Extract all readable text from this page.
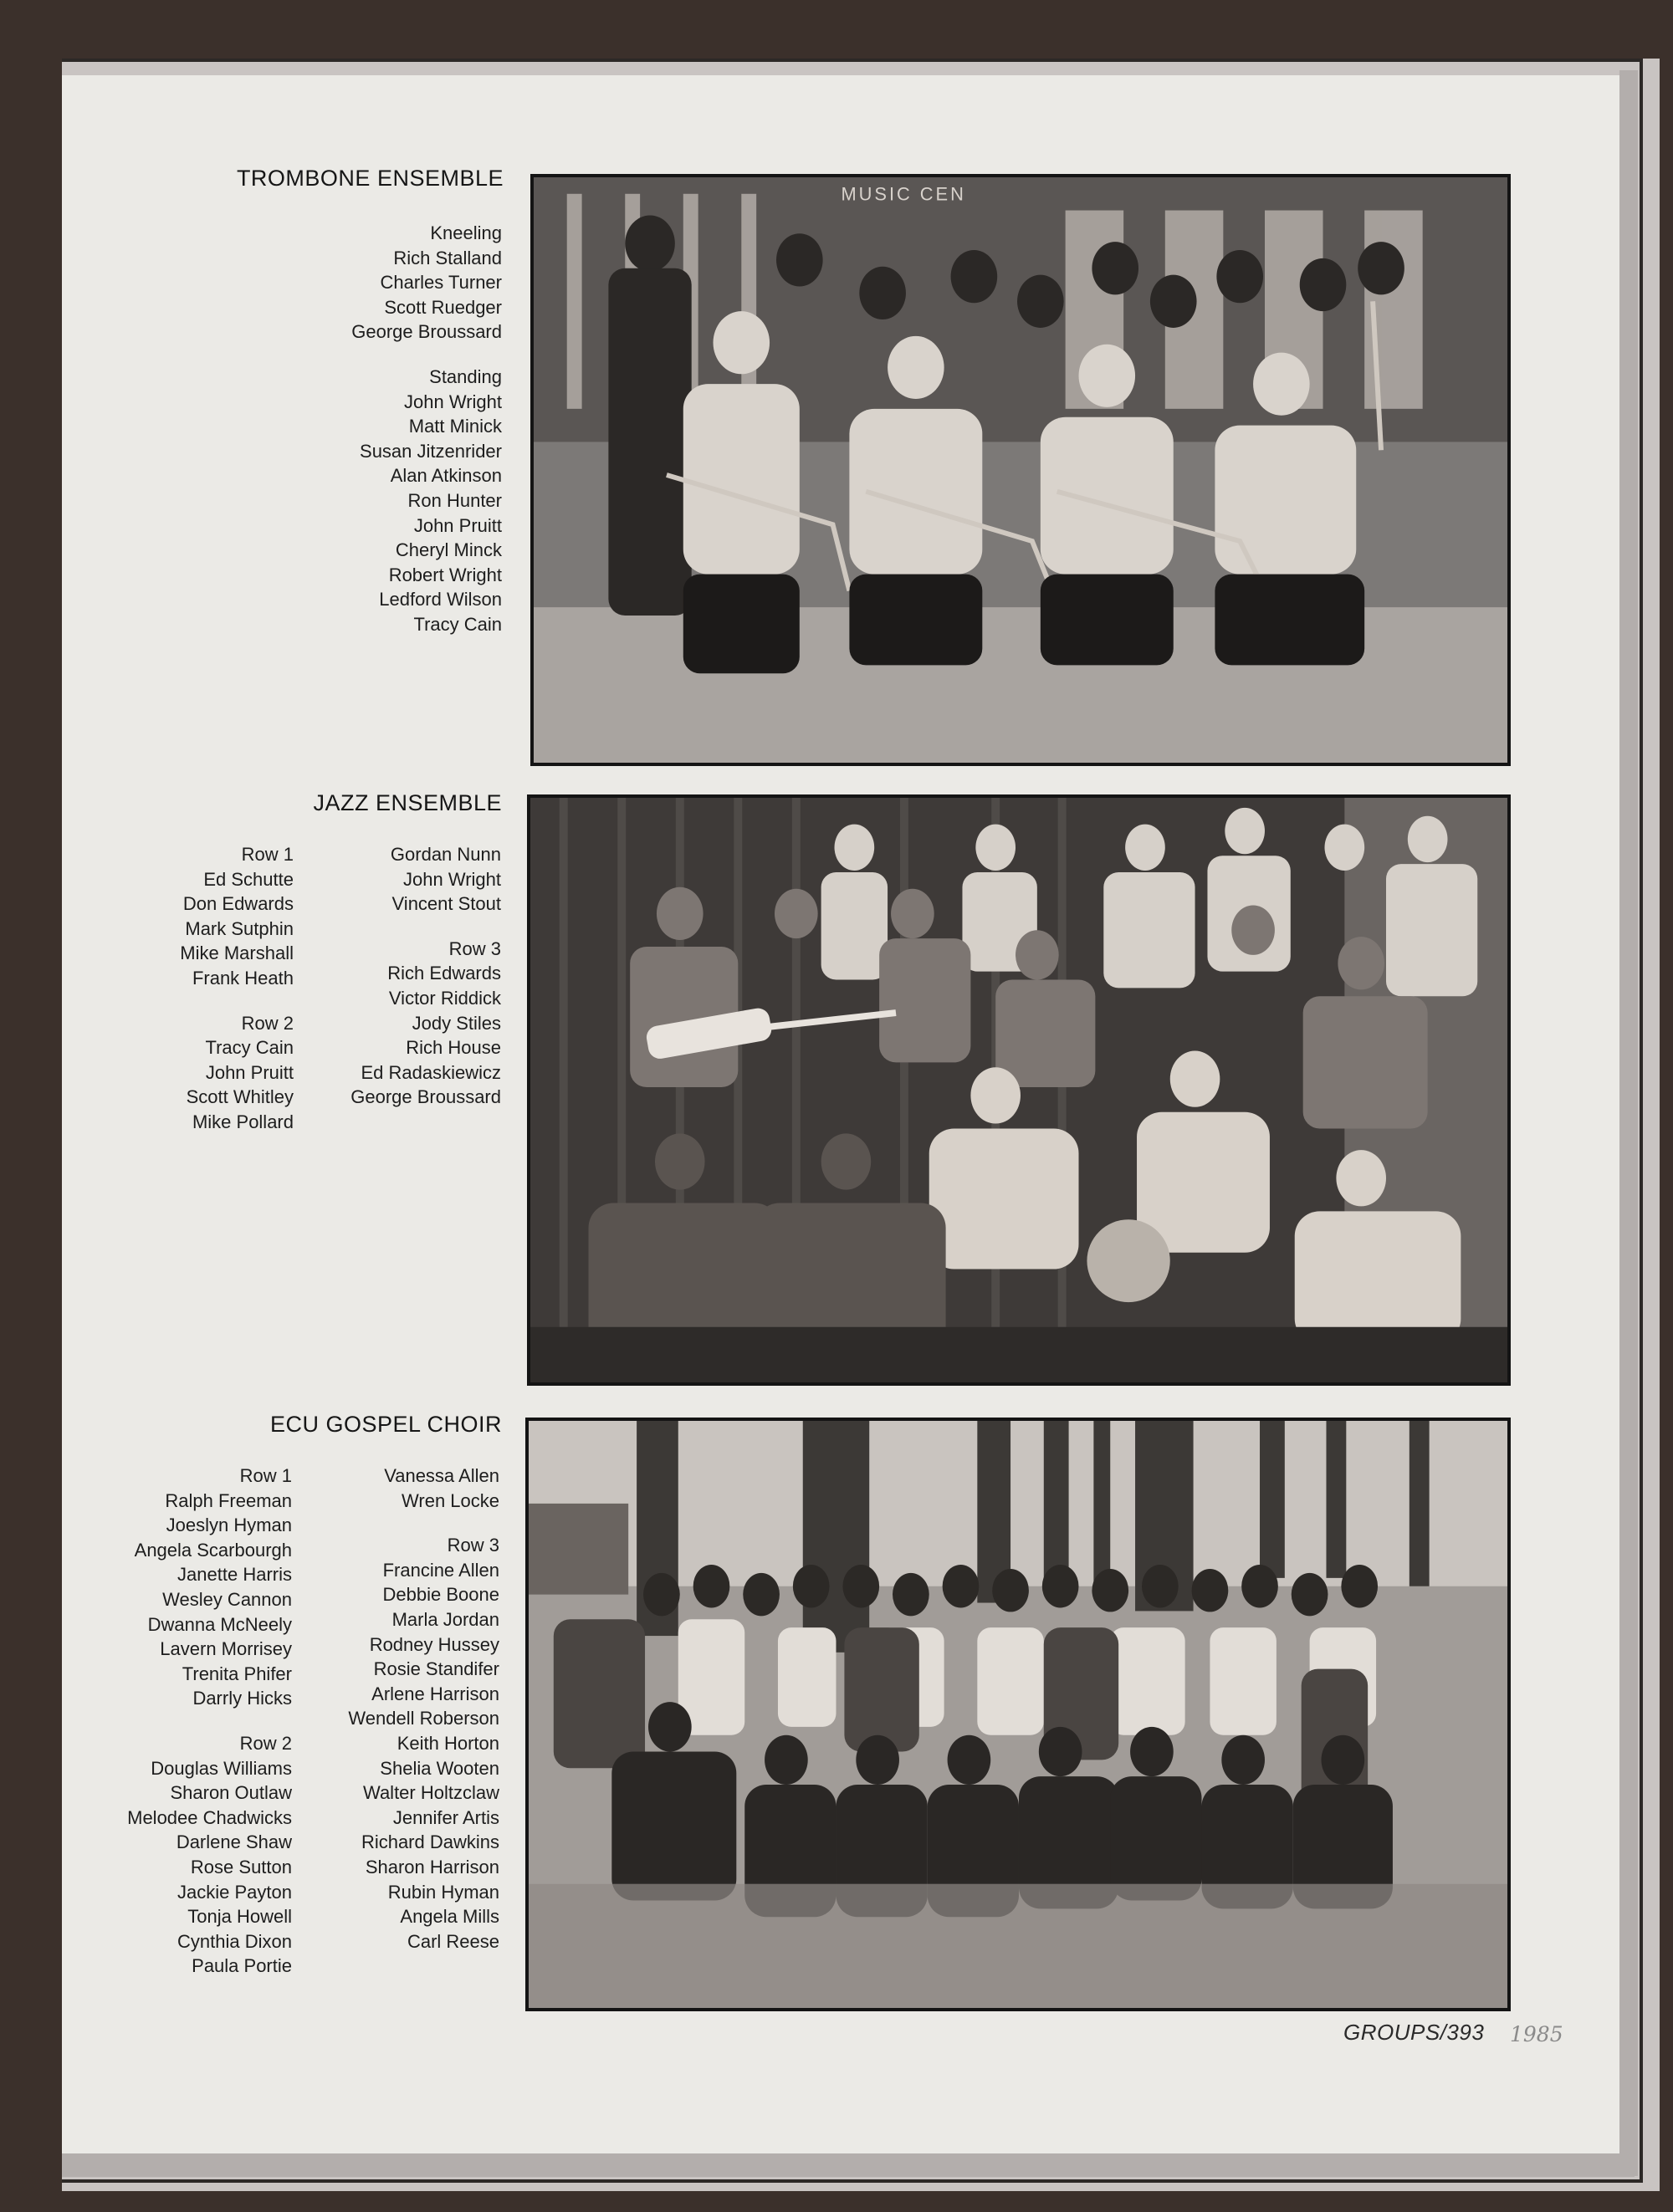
TROMBONE ENSEMBLE
Kneeling
Rich Stalland
Charles Turner
Scott Ruedger
George Broussard
Standing
John Wright
Matt Minick
Susan Jitzenrider
Alan Atkinson
Ron Hunter
John Pruitt
Cheryl Minck
Robert Wright
Ledford Wilson
Tracy Cain
MUSIC CEN
JAZZ ENSEMBLE
Row 1
Ed Schutte
Don Edwards
Mark Sutphin
Mike Marshall
Frank Heath
Row 2
Tracy Cain
John Pruitt
Scott Whitley
Mike Pollard
Gordan Nunn
John Wright
Vincent Stout
Row 3
Rich Edwards
Victor Riddick
Jody Stiles
Rich House
Ed Radaskiewicz
George Broussard
ECU GOSPEL CHOIR
Row 1
Ralph Freeman
Joeslyn Hyman
Angela Scarbourgh
Janette Harris
Wesley Cannon
Dwanna McNeely
Lavern Morrisey
Trenita Phifer
Darrly Hicks
Row 2
Douglas Williams
Sharon Outlaw
Melodee Chadwicks
Darlene Shaw
Rose Sutton
Jackie Payton
Tonja Howell
Cynthia Dixon
Paula Portie
Vanessa Allen
Wren Locke
Row 3
Francine Allen
Debbie Boone
Marla Jordan
Rodney Hussey
Rosie Standifer
Arlene Harrison
Wendell Roberson
Keith Horton
Shelia Wooten
Walter Holtzclaw
Jennifer Artis
Richard Dawkins
Sharon Harrison
Rubin Hyman
Angela Mills
Carl Reese
GROUPS/393 1985
